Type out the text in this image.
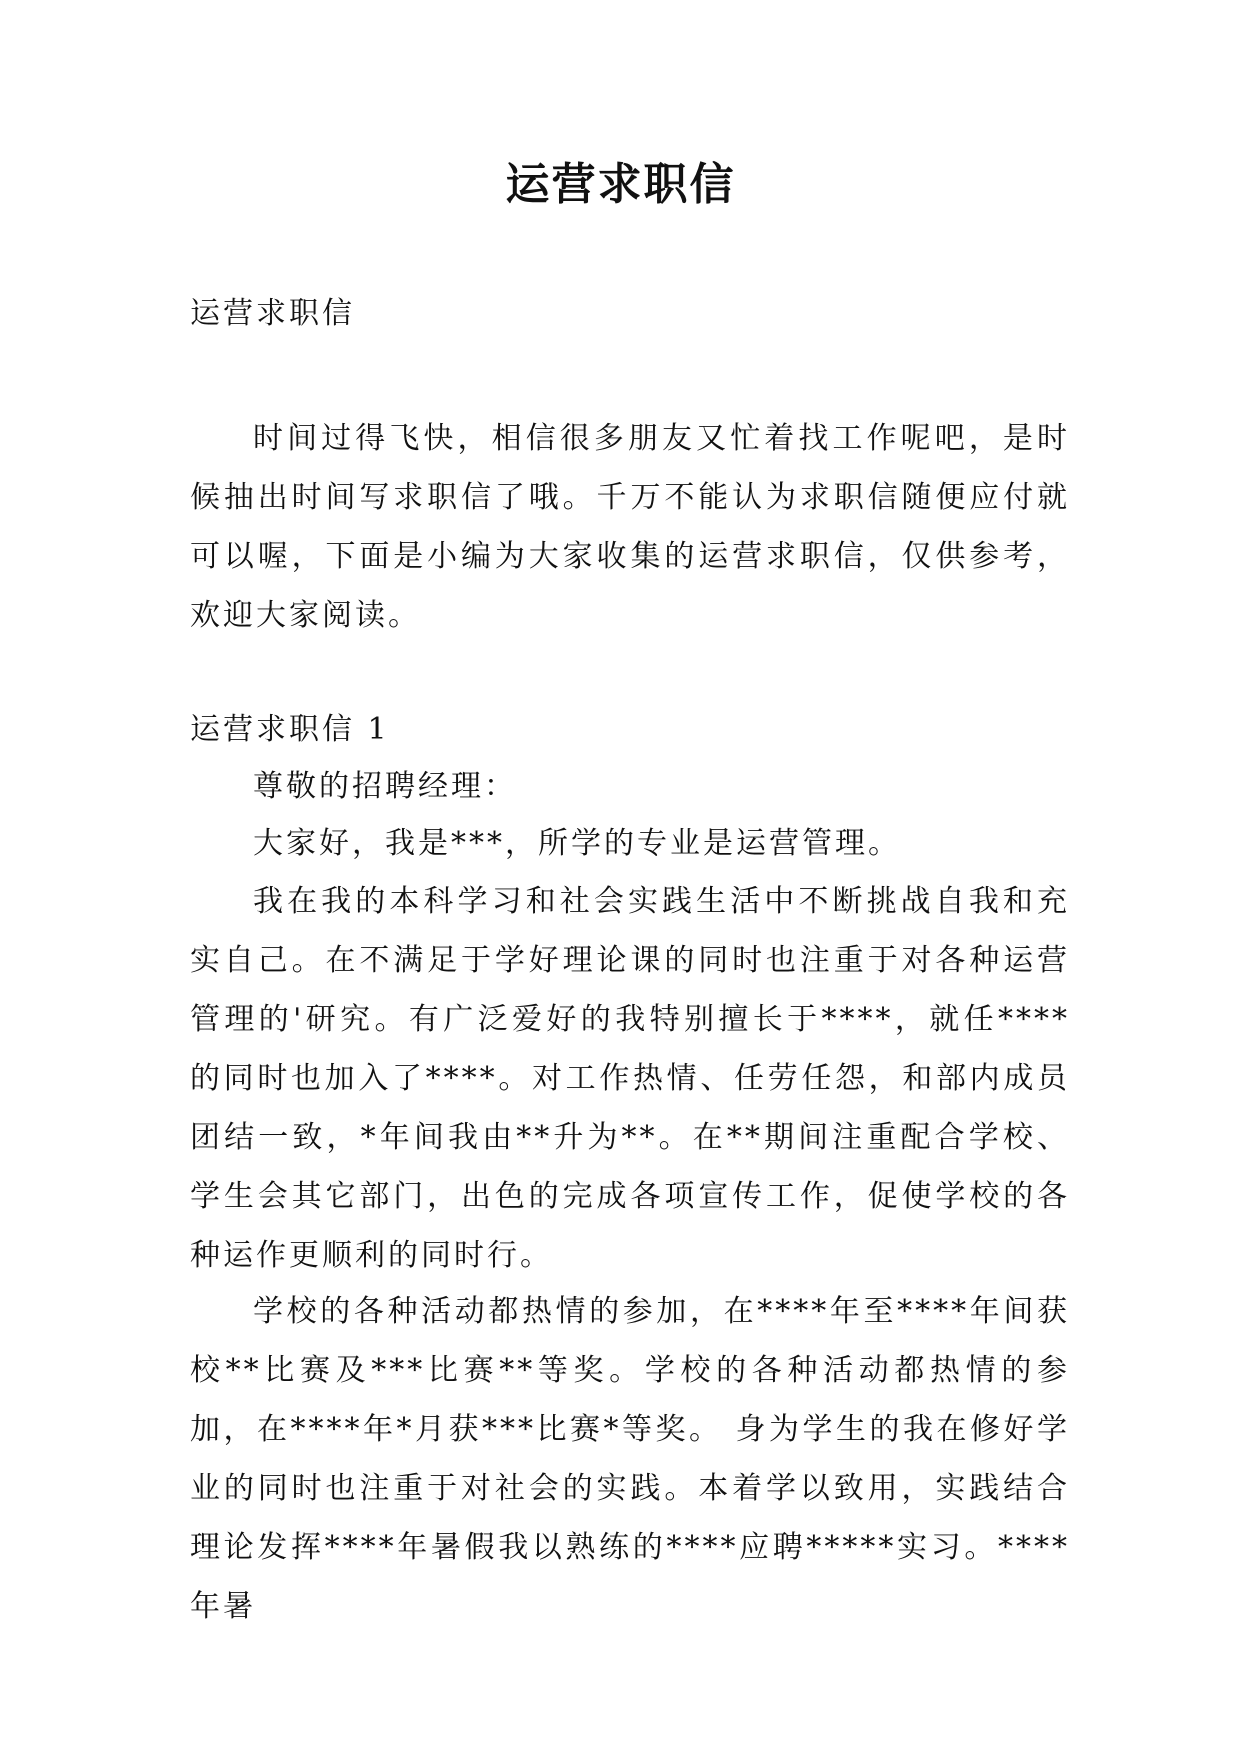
运营求职信

运营求职信

时间过得飞快，相信很多朋友又忙着找工作呢吧，是时候抽出时间写求职信了哦。千万不能认为求职信随便应付就可以喔，下面是小编为大家收集的运营求职信，仅供参考，欢迎大家阅读。

运营求职信 1

尊敬的招聘经理：

大家好，我是***，所学的专业是运营管理。

我在我的本科学习和社会实践生活中不断挑战自我和充实自己。在不满足于学好理论课的同时也注重于对各种运营管理的'研究。有广泛爱好的我特别擅长于****，就任****的同时也加入了****。对工作热情、任劳任怨，和部内成员团结一致，*年间我由**升为**。在**期间注重配合学校、学生会其它部门，出色的完成各项宣传工作，促使学校的各种运作更顺利的同时行。

学校的各种活动都热情的参加，在****年至****年间获校**比赛及***比赛**等奖。学校的各种活动都热情的参加，在****年*月获***比赛*等奖。 身为学生的我在修好学业的同时也注重于对社会的实践。本着学以致用，实践结合理论发挥****年暑假我以熟练的****应聘*****实习。****年暑
